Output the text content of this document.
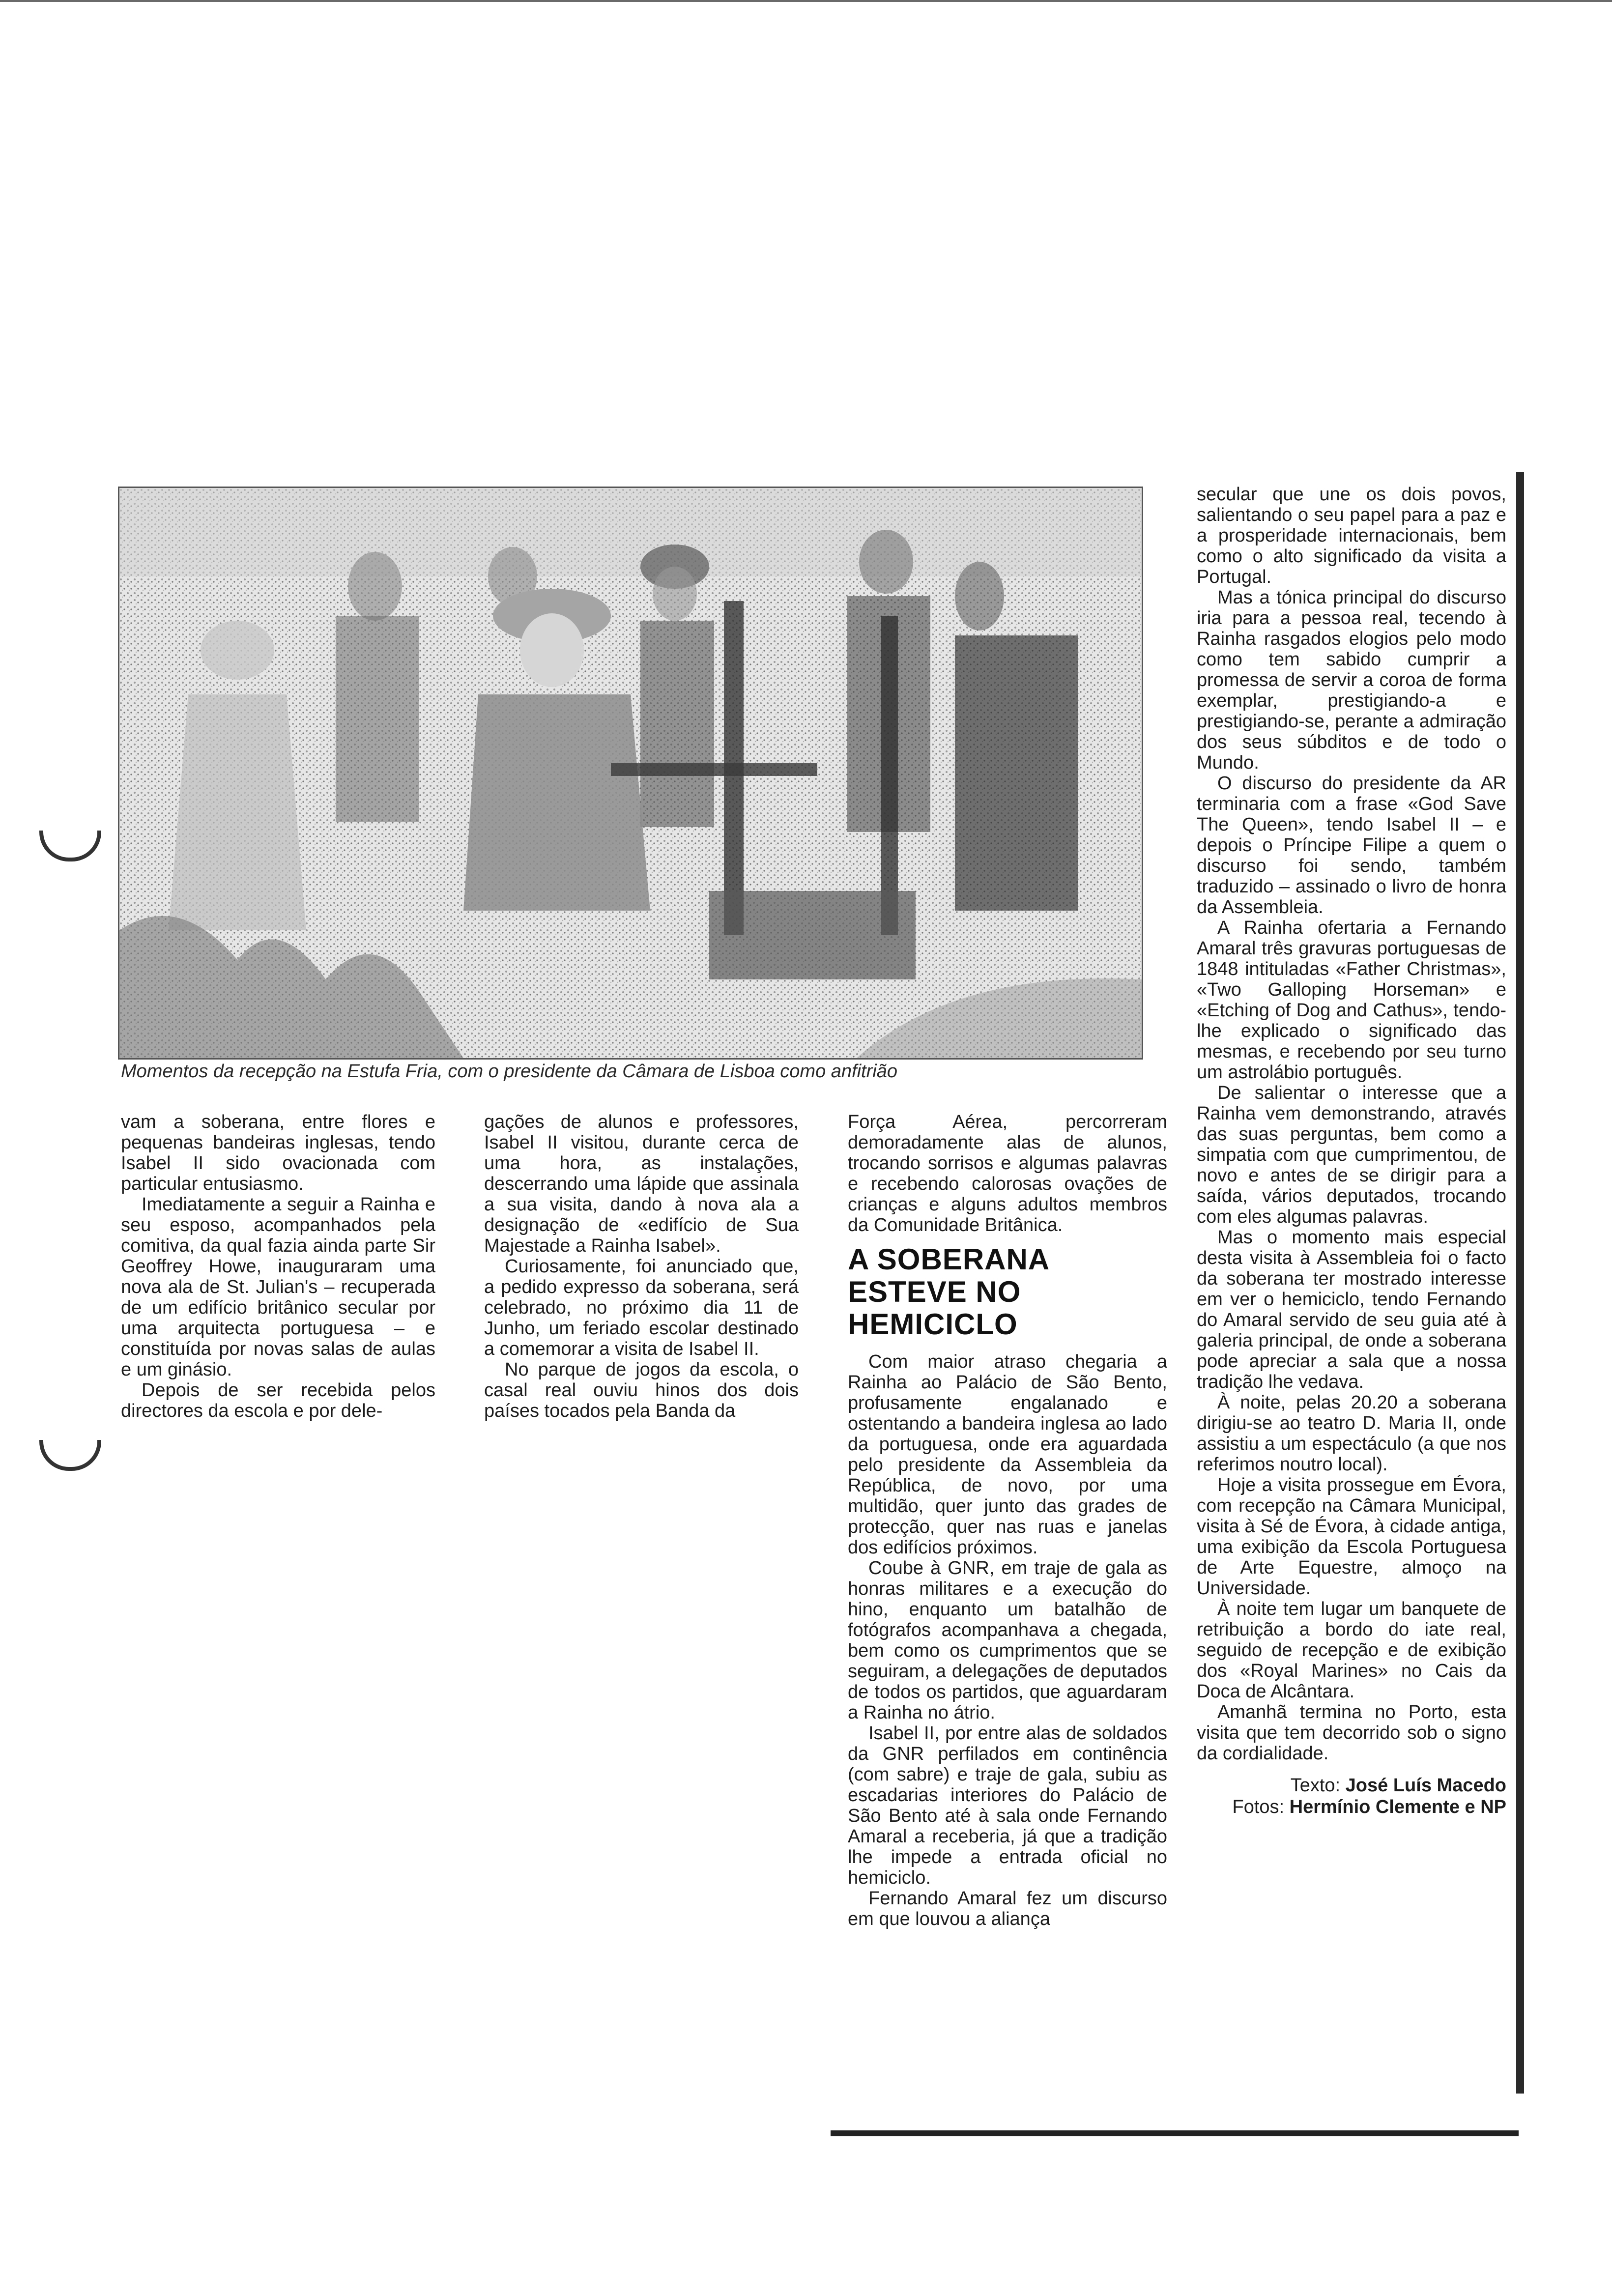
Momentos da recepção na Estufa Fria, com o presidente da Câmara de Lisboa como anfitrião

vam a soberana, entre flores e pequenas bandeiras inglesas, tendo Isabel II sido ovacionada com particular entusiasmo.

Imediatamente a seguir a Rainha e seu esposo, acompanhados pela comitiva, da qual fazia ainda parte Sir Geoffrey Howe, inauguraram uma nova ala de St. Julian's – recuperada de um edifício britânico secular por uma arquitecta portuguesa – e constituída por novas salas de aulas e um ginásio.

Depois de ser recebida pelos directores da escola e por dele-

gações de alunos e professores, Isabel II visitou, durante cerca de uma hora, as instalações, descerrando uma lápide que assinala a sua visita, dando à nova ala a designação de «edifício de Sua Majestade a Rainha Isabel».

Curiosamente, foi anunciado que, a pedido expresso da soberana, será celebrado, no próximo dia 11 de Junho, um feriado escolar destinado a comemorar a visita de Isabel II.

No parque de jogos da escola, o casal real ouviu hinos dos dois países tocados pela Banda da

Força Aérea, percorreram demoradamente alas de alunos, trocando sorrisos e algumas palavras e recebendo calorosas ovações de crianças e alguns adultos membros da Comunidade Britânica.

A SOBERANA ESTEVE NO HEMICICLO

Com maior atraso chegaria a Rainha ao Palácio de São Bento, profusamente engalanado e ostentando a bandeira inglesa ao lado da portuguesa, onde era aguardada pelo presidente da Assembleia da República, de novo, por uma multidão, quer junto das grades de protecção, quer nas ruas e janelas dos edifícios próximos.

Coube à GNR, em traje de gala as honras militares e a execução do hino, enquanto um batalhão de fotógrafos acompanhava a chegada, bem como os cumprimentos que se seguiram, a delegações de deputados de todos os partidos, que aguardaram a Rainha no átrio.

Isabel II, por entre alas de soldados da GNR perfilados em continência (com sabre) e traje de gala, subiu as escadarias interiores do Palácio de São Bento até à sala onde Fernando Amaral a receberia, já que a tradição lhe impede a entrada oficial no hemiciclo.

Fernando Amaral fez um discurso em que louvou a aliança

secular que une os dois povos, salientando o seu papel para a paz e a prosperidade internacionais, bem como o alto significado da visita a Portugal.

Mas a tónica principal do discurso iria para a pessoa real, tecendo à Rainha rasgados elogios pelo modo como tem sabido cumprir a promessa de servir a coroa de forma exemplar, prestigiando-a e prestigiando-se, perante a admiração dos seus súbditos e de todo o Mundo.

O discurso do presidente da AR terminaria com a frase «God Save The Queen», tendo Isabel II – e depois o Príncipe Filipe a quem o discurso foi sendo, também traduzido – assinado o livro de honra da Assembleia.

A Rainha ofertaria a Fernando Amaral três gravuras portuguesas de 1848 intituladas «Father Christmas», «Two Galloping Horseman» e «Etching of Dog and Cathus», tendo-lhe explicado o significado das mesmas, e recebendo por seu turno um astrolábio português.

De salientar o interesse que a Rainha vem demonstrando, através das suas perguntas, bem como a simpatia com que cumprimentou, de novo e antes de se dirigir para a saída, vários deputados, trocando com eles algumas palavras.

Mas o momento mais especial desta visita à Assembleia foi o facto da soberana ter mostrado interesse em ver o hemiciclo, tendo Fernando do Amaral servido de seu guia até à galeria principal, de onde a soberana pode apreciar a sala que a nossa tradição lhe vedava.

À noite, pelas 20.20 a soberana dirigiu-se ao teatro D. Maria II, onde assistiu a um espectáculo (a que nos referimos noutro local).

Hoje a visita prossegue em Évora, com recepção na Câmara Municipal, visita à Sé de Évora, à cidade antiga, uma exibição da Escola Portuguesa de Arte Equestre, almoço na Universidade.

À noite tem lugar um banquete de retribuição a bordo do iate real, seguido de recepção e de exibição dos «Royal Marines» no Cais da Doca de Alcântara.

Amanhã termina no Porto, esta visita que tem decorrido sob o signo da cordialidade.

Texto: José Luís Macedo
Fotos: Hermínio Clemente e NP
